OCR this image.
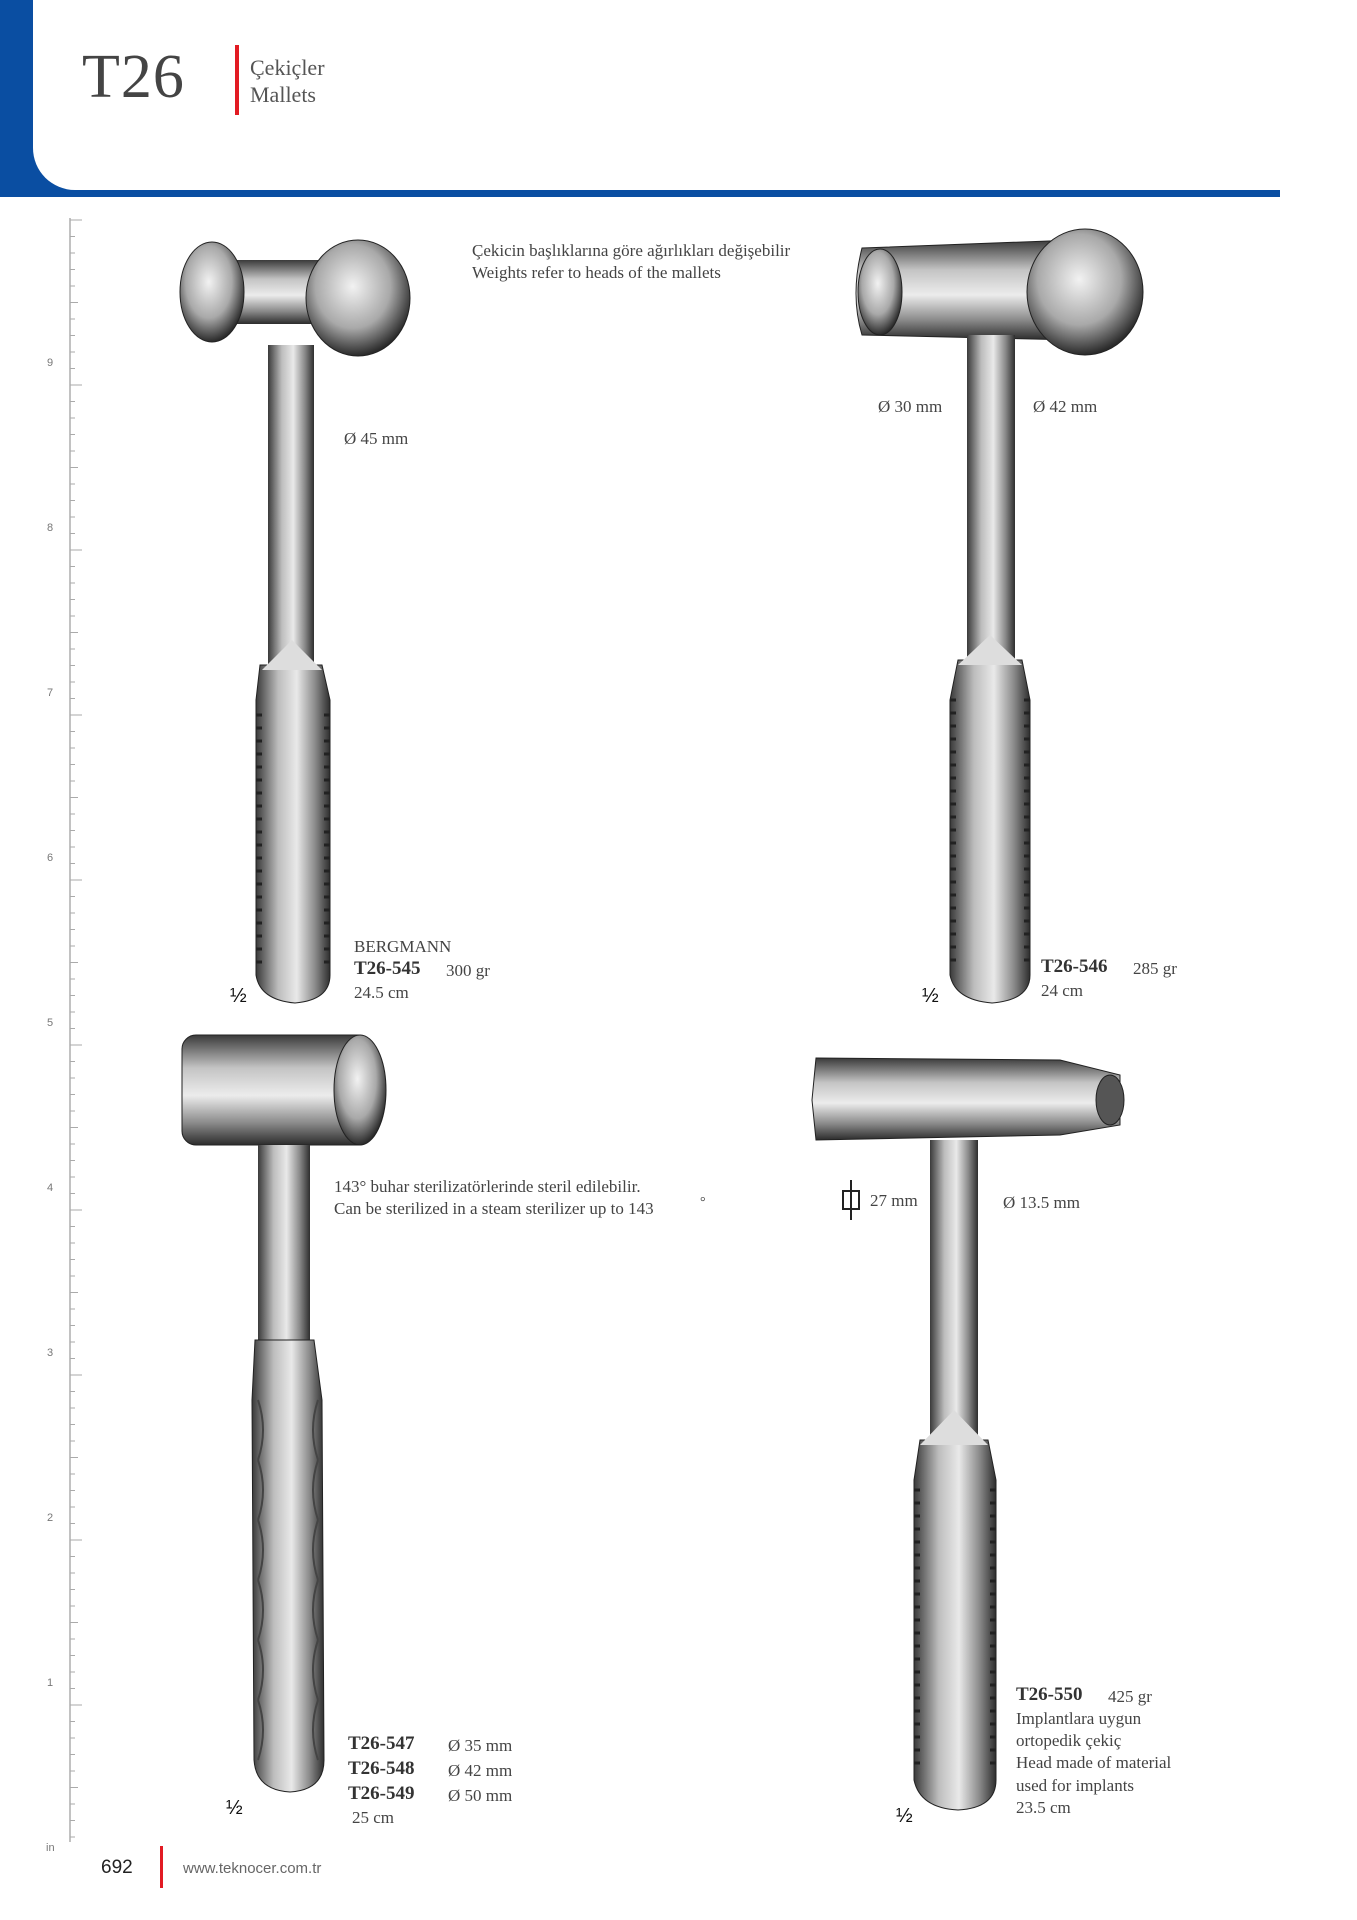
T26	Çekiçler
Mallets
9
8
7
6
5
4
3
2
1
in
Çekicin başlıklarına göre ağırlıkları değişebilir
Weights refer to heads of the mallets
143° buhar sterilizatörlerinde steril edilebilir.
Can be sterilized in a steam sterilizer up to 143	°
Ø 45 mm
BERGMANN
T26-545 300 gr
24.5 cm
½
Ø 30 mm	Ø 42 mm
T26-546 285 gr
24 cm
½
T26-547 Ø 35 mm
T26-548 Ø 42 mm
T26-549 Ø 50 mm
25 cm
½
27 mm	Ø 13.5 mm
T26-550 425 gr
Implantlara uygun
ortopedik çekiç
Head made of material
used for implants
23.5 cm
½
692	www.teknocer.com.tr
